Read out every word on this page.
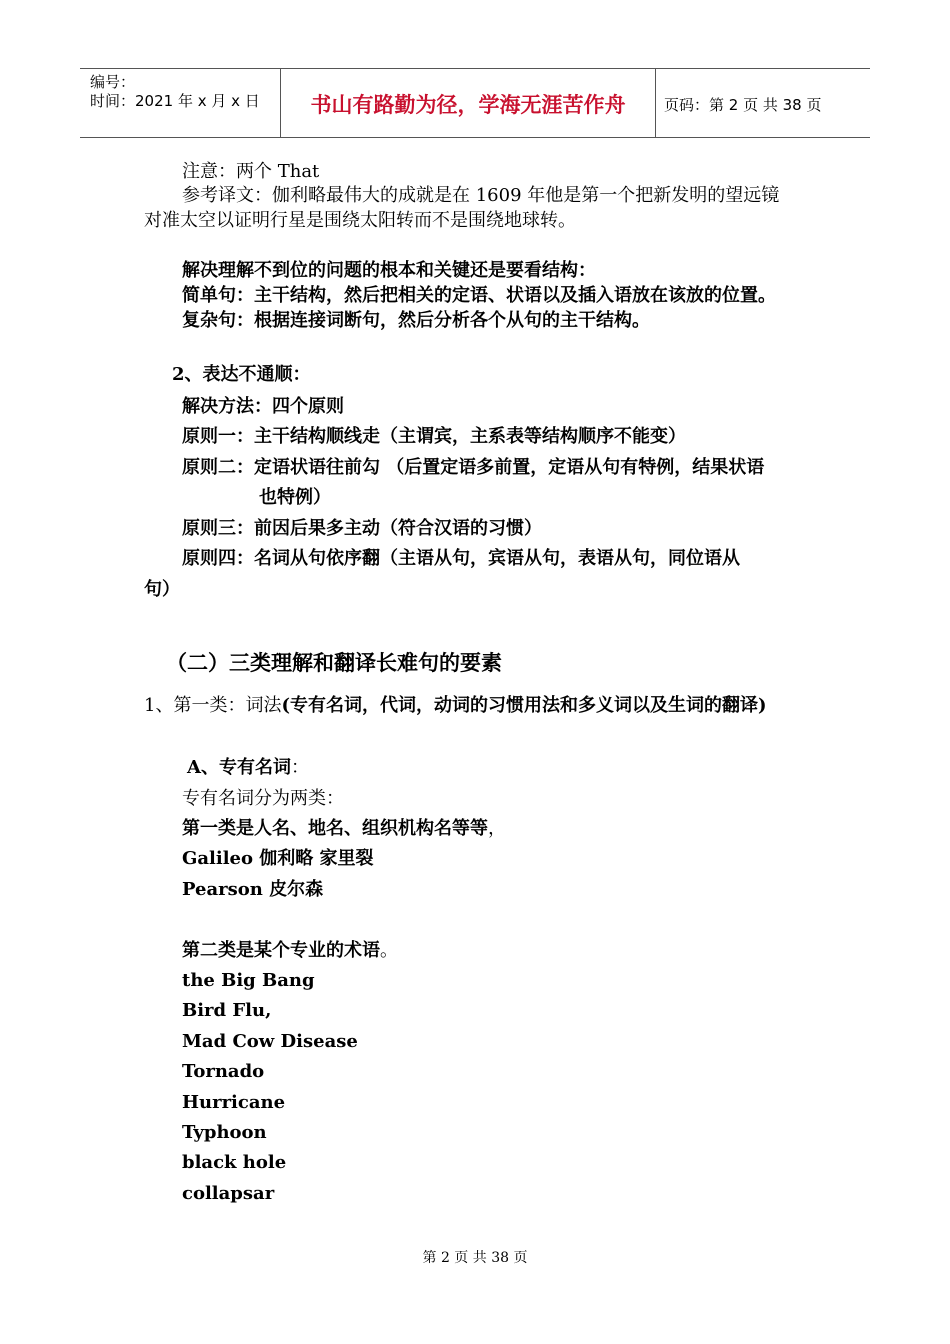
编号：
时间：2021 年 x 月 x 日	书山有路勤为径，学海无涯苦作舟	页码：第 2 页 共 38 页
注意：两个 That
参考译文：伽利略最伟大的成就是在 1609 年他是第一个把新发明的望远镜
对准太空以证明行星是围绕太阳转而不是围绕地球转。
解决理解不到位的问题的根本和关键还是要看结构：
简单句：主干结构，然后把相关的定语、状语以及插入语放在该放的位置。
复杂句：根据连接词断句，然后分析各个从句的主干结构。
2、表达不通顺：
解决方法：四个原则
原则一：主干结构顺线走（主谓宾，主系表等结构顺序不能变）
原则二：定语状语往前勾 （后置定语多前置，定语从句有特例，结果状语
也特例）
原则三：前因后果多主动（符合汉语的习惯）
原则四：名词从句依序翻（主语从句，宾语从句，表语从句，同位语从
句）
（二）三类理解和翻译长难句的要素
1、第一类：词法(专有名词，代词，动词的习惯用法和多义词以及生词的翻译)
A、专有名词：
专有名词分为两类：
第一类是人名、地名、组织机构名等等，
Galileo 伽利略 家里裂
Pearson 皮尔森
第二类是某个专业的术语。
the Big Bang
Bird Flu,
Mad Cow Disease
Tornado
Hurricane
Typhoon
black hole
collapsar
第 2 页 共 38 页
